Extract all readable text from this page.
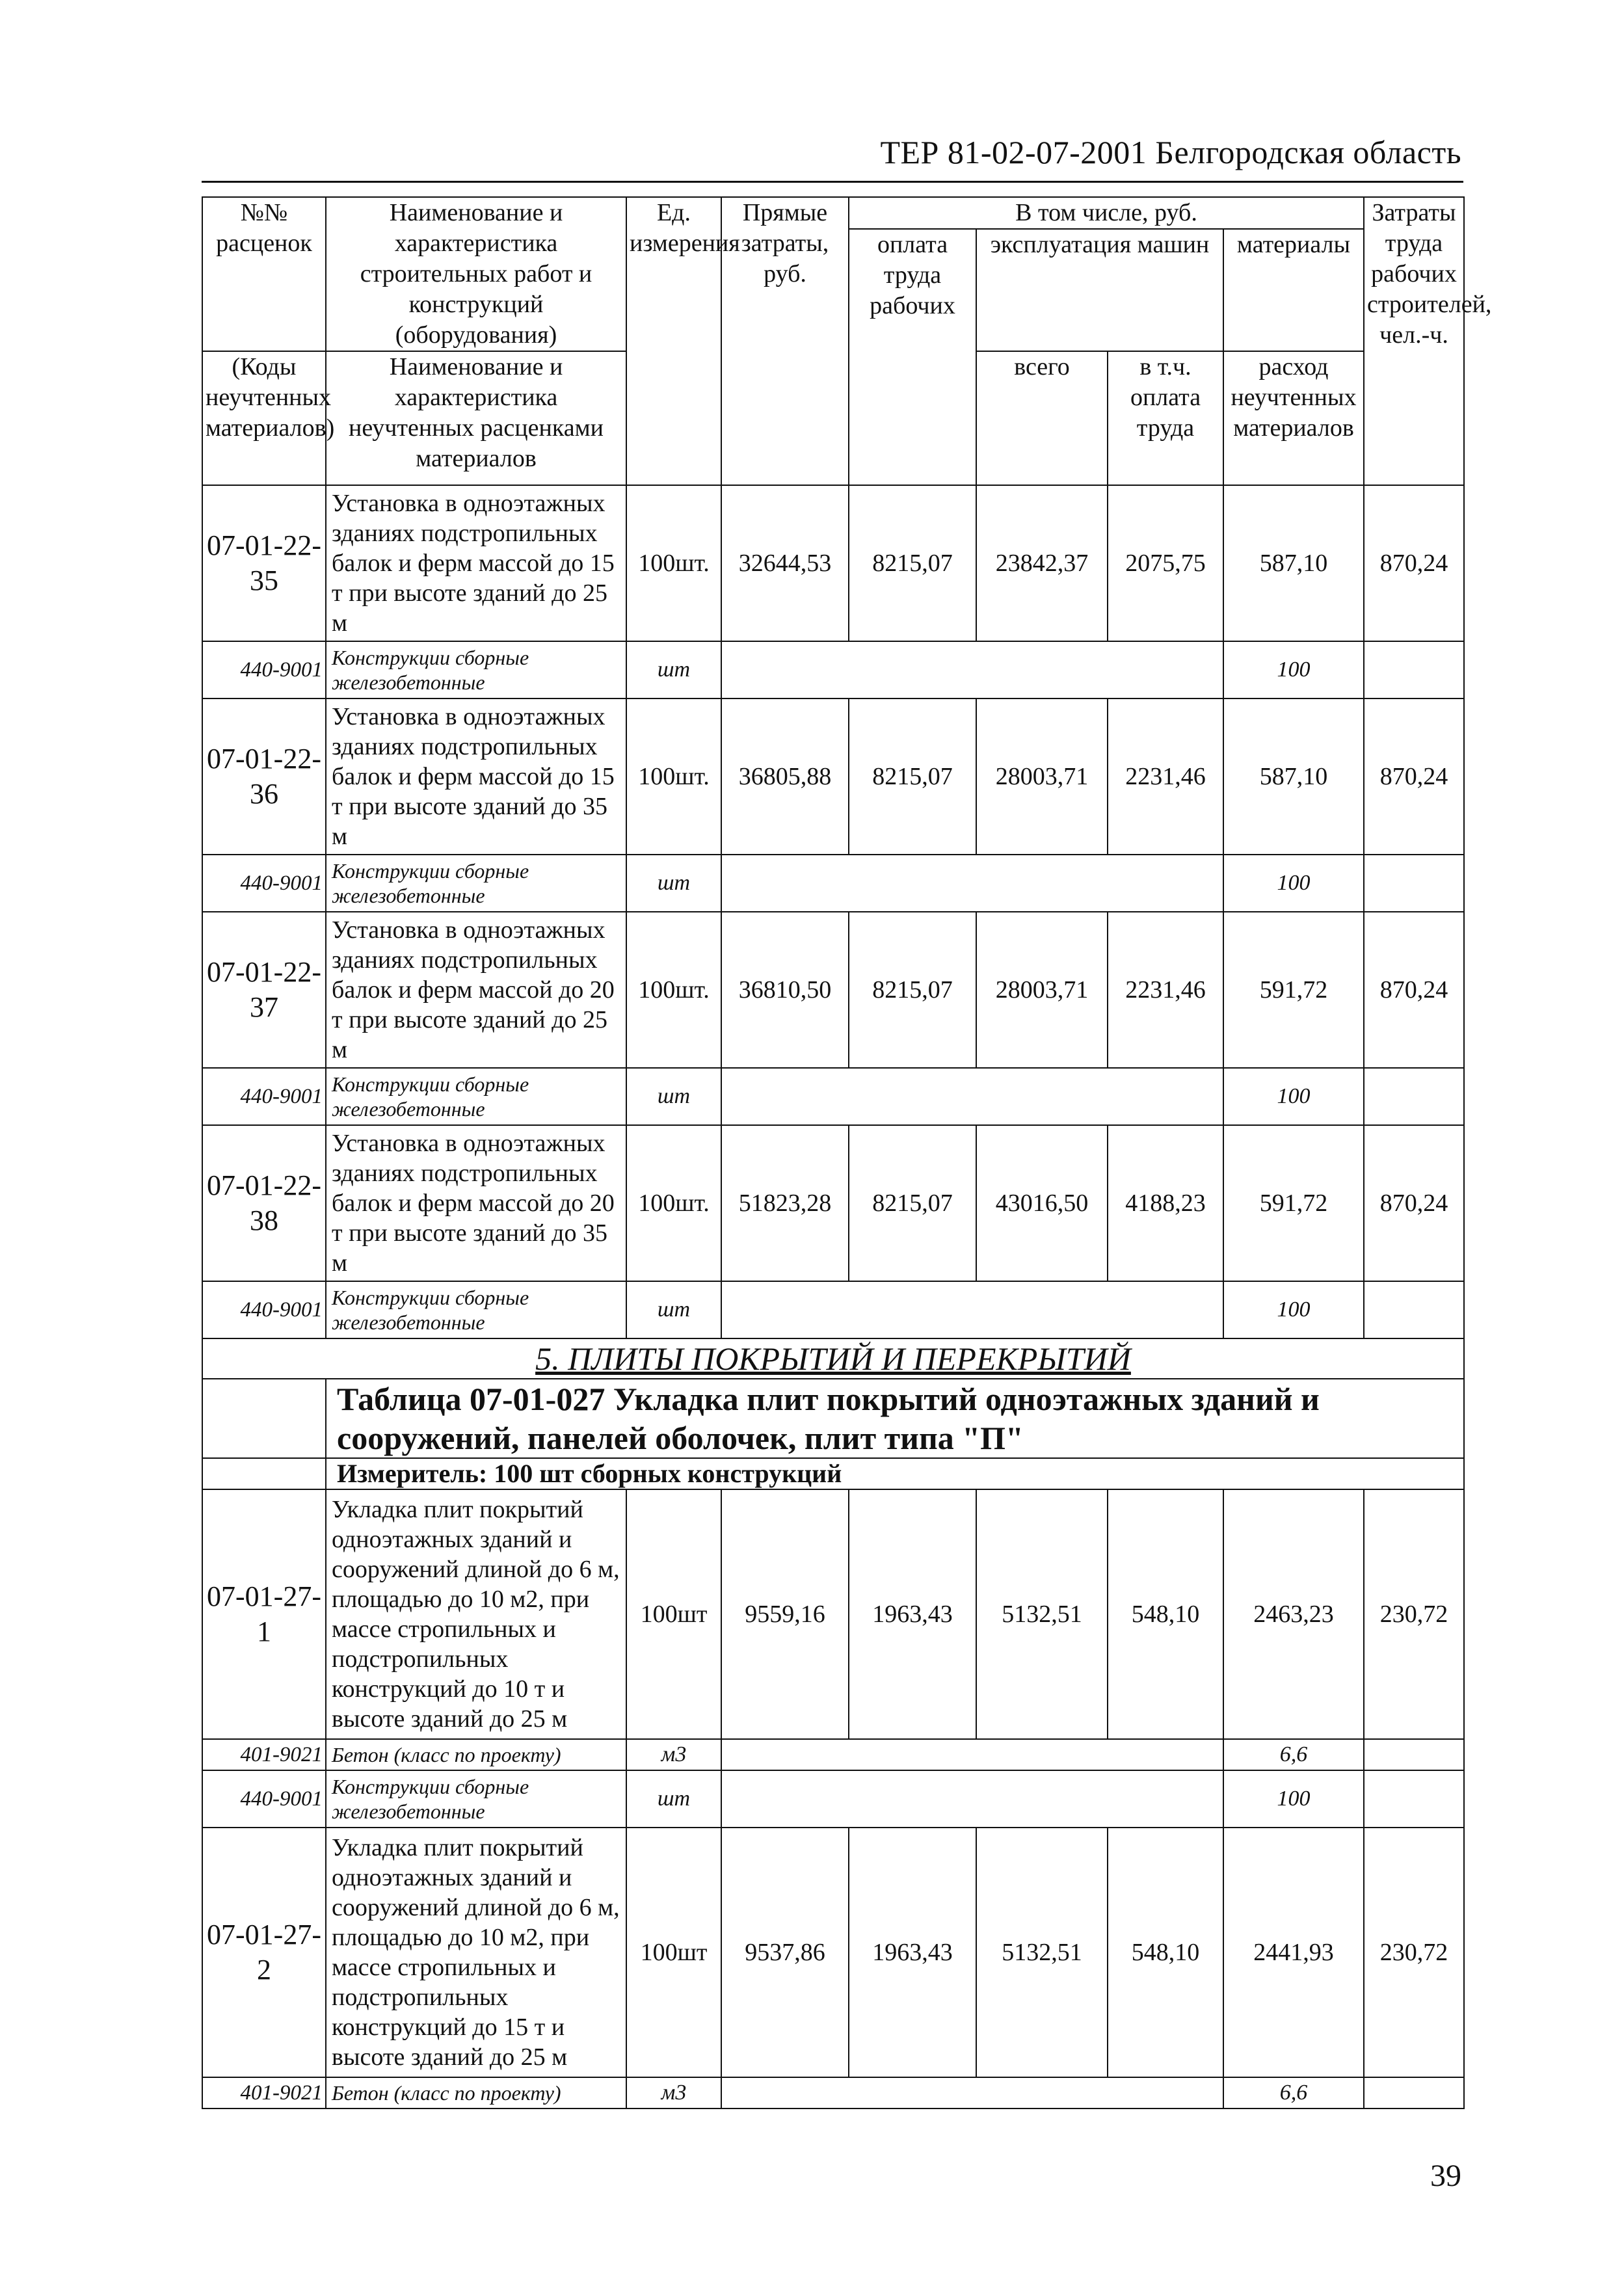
ТЕР 81-02-07-2001 Белгородская область
№№ расценок	Наименование и характеристика строительных работ и конструкций (оборудования)	Ед. измерения	Прямые затраты, руб.	В том числе, руб.				Затраты труда рабочих строителей, чел.-ч.
				оплата труда рабочих	эксплуатация машин		материалы	

(Коды неучтенных материалов)	Наименование и характеристика неучтенных расценками материалов				всего	в т.ч. оплата труда	расход неучтенных материалов	

07-01-22-35	Установка в одноэтажных зданиях подстропильных балок и ферм массой до 15 т при высоте зданий до 25 м	100шт.	32644,53	8215,07	23842,37	2075,75	587,10	870,24
440-9001	Конструкции сборные железобетонные	шт					100	
07-01-22-36	Установка в одноэтажных зданиях подстропильных балок и ферм массой до 15 т при высоте зданий до 35 м	100шт.	36805,88	8215,07	28003,71	2231,46	587,10	870,24
440-9001	Конструкции сборные железобетонные	шт					100	
07-01-22-37	Установка в одноэтажных зданиях подстропильных балок и ферм массой до 20 т при высоте зданий до 25 м	100шт.	36810,50	8215,07	28003,71	2231,46	591,72	870,24
440-9001	Конструкции сборные железобетонные	шт					100	
07-01-22-38	Установка в одноэтажных зданиях подстропильных балок и ферм массой до 20 т при высоте зданий до 35 м	100шт.	51823,28	8215,07	43016,50	4188,23	591,72	870,24
440-9001	Конструкции сборные железобетонные	шт					100	
5. ПЛИТЫ ПОКРЫТИЙ И ПЕРЕКРЫТИЙ								
	Таблица 07-01-027 Укладка плит покрытий одноэтажных зданий и сооружений, панелей оболочек, плит типа "П"							
	Измеритель: 100 шт сборных конструкций							
07-01-27-1	Укладка плит покрытий одноэтажных зданий и сооружений длиной до 6 м, площадью до 10 м2, при массе стропильных и подстропильных конструкций до 10 т и высоте зданий до 25 м	100шт	9559,16	1963,43	5132,51	548,10	2463,23	230,72
401-9021	Бетон (класс по проекту)	м3					6,6	
440-9001	Конструкции сборные железобетонные	шт					100	
07-01-27-2	Укладка плит покрытий одноэтажных зданий и сооружений длиной до 6 м, площадью до 10 м2, при массе стропильных и подстропильных конструкций до 15 т и высоте зданий до 25 м	100шт	9537,86	1963,43	5132,51	548,10	2441,93	230,72
401-9021	Бетон (класс по проекту)	м3					6,6	
39
